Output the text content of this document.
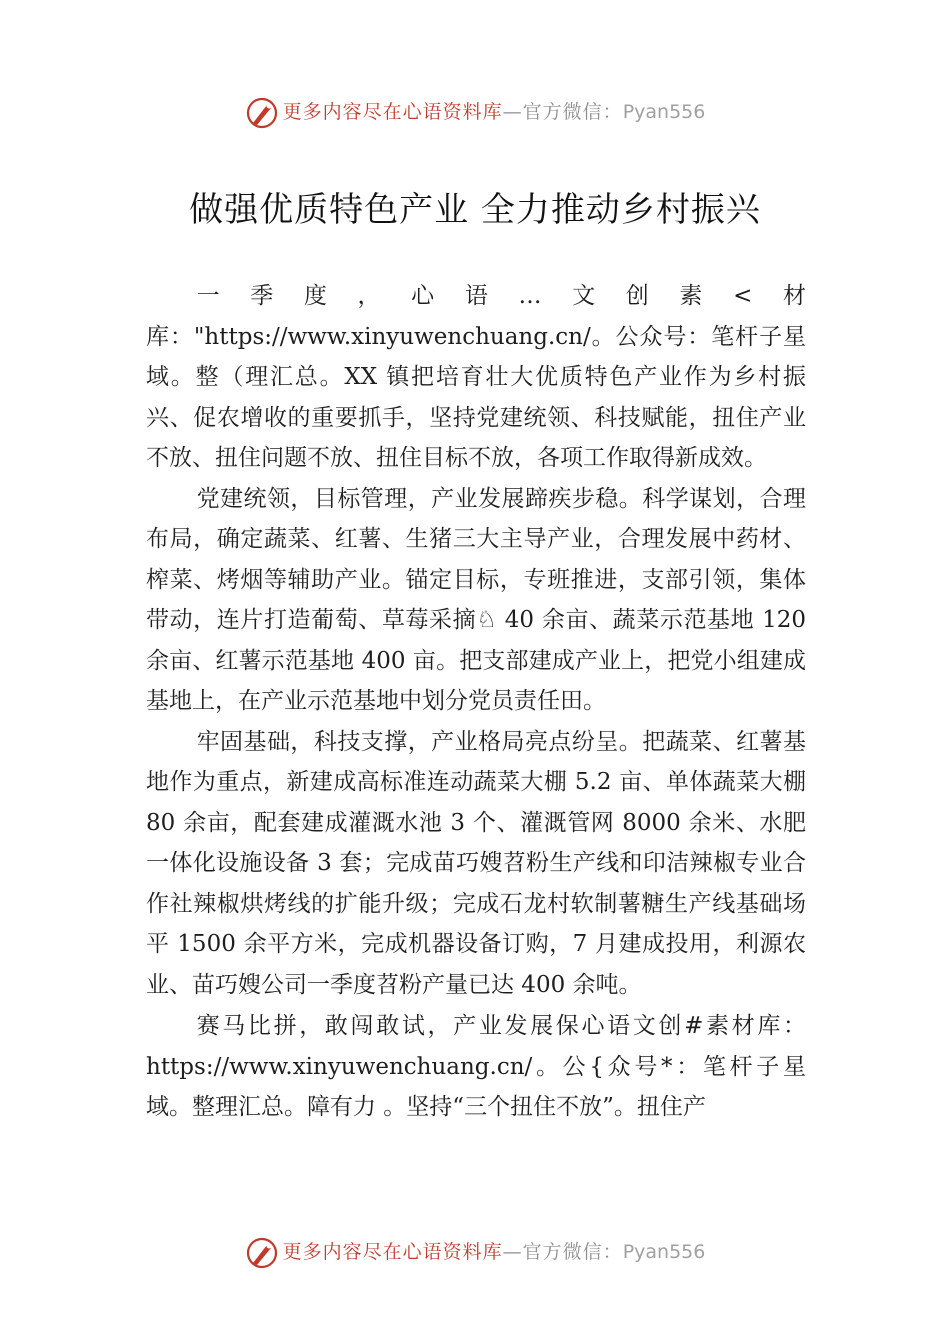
更多内容尽在心语资料库—官方微信：Pyan556
做强优质特色产业 全力推动乡村振兴

一季度，心语…文创素<材库："https://www.xinyuwenchuang.cn/。公众号：笔杆子星域。整（理汇总。XX 镇把培育壮大优质特色产业作为乡村振兴、促农增收的重要抓手，坚持党建统领、科技赋能，扭住产业不放、扭住问题不放、扭住目标不放，各项工作取得新成效。

党建统领，目标管理，产业发展蹄疾步稳。科学谋划，合理布局，确定蔬菜、红薯、生猪三大主导产业，合理发展中药材、榨菜、烤烟等辅助产业。锚定目标，专班推进，支部引领，集体带动，连片打造葡萄、草莓采摘♘ 40 余亩、蔬菜示范基地 120 余亩、红薯示范基地 400 亩。把支部建成产业上，把党小组建成基地上，在产业示范基地中划分党员责任田。

牢固基础，科技支撑，产业格局亮点纷呈。把蔬菜、红薯基地作为重点，新建成高标准连动蔬菜大棚 5.2 亩、单体蔬菜大棚 80 余亩，配套建成灌溉水池 3 个、灌溉管网 8000 余米、水肥一体化设施设备 3 套；完成苗巧嫂苕粉生产线和印洁辣椒专业合作社辣椒烘烤线的扩能升级；完成石龙村软制薯糖生产线基础场平 1500 余平方米，完成机器设备订购，7 月建成投用，利源农业、苗巧嫂公司一季度苕粉产量已达 400 余吨。

赛马比拼，敢闯敢试，产业发展保心语文创#素材库：https://www.xinyuwenchuang.cn/。公{众号*：笔杆子星域。整理汇总。障有力 。坚持“三个扭住不放”。扭住产

更多内容尽在心语资料库—官方微信：Pyan556
